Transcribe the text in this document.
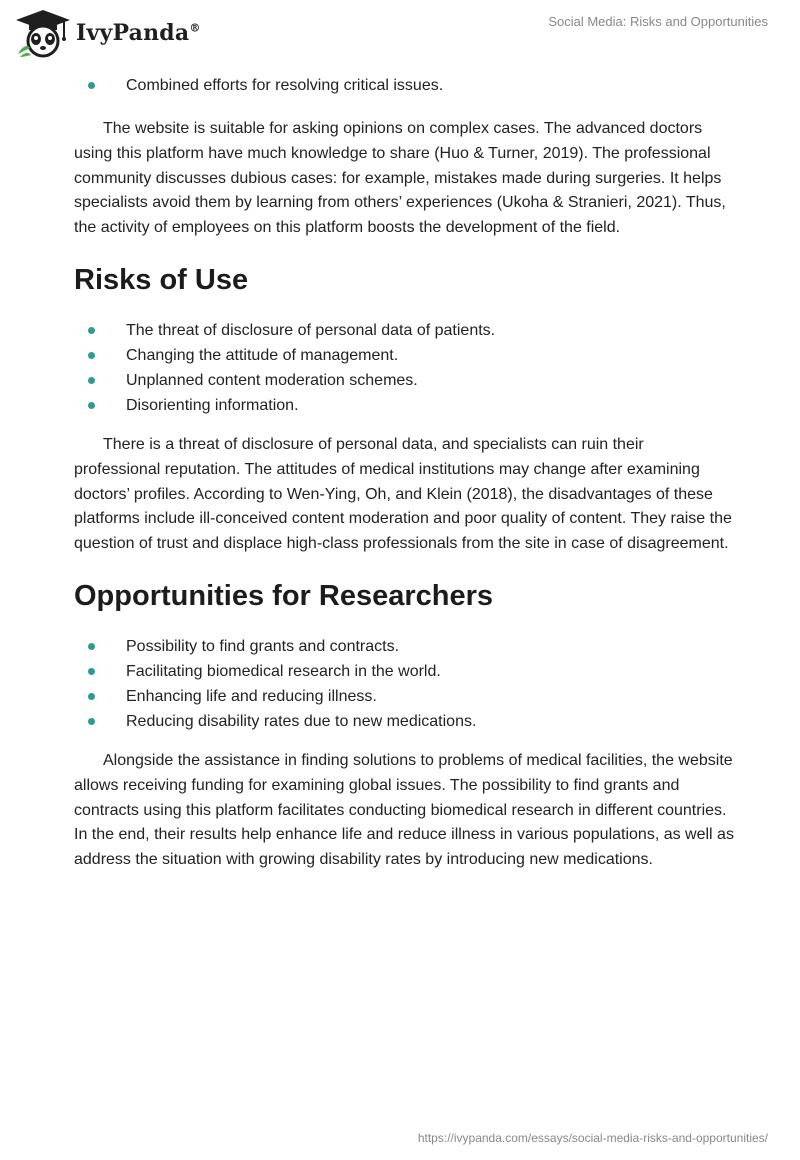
IvyPanda®	Social Media: Risks and Opportunities
Combined efforts for resolving critical issues.

The website is suitable for asking opinions on complex cases. The advanced doctors using this platform have much knowledge to share (Huo & Turner, 2019). The professional community discusses dubious cases: for example, mistakes made during surgeries. It helps specialists avoid them by learning from others’ experiences (Ukoha & Stranieri, 2021). Thus, the activity of employees on this platform boosts the development of the field.

Risks of Use
The threat of disclosure of personal data of patients.
Changing the attitude of management.
Unplanned content moderation schemes.
Disorienting information.

There is a threat of disclosure of personal data, and specialists can ruin their professional reputation. The attitudes of medical institutions may change after examining doctors’ profiles. According to Wen-Ying, Oh, and Klein (2018), the disadvantages of these platforms include ill-conceived content moderation and poor quality of content. They raise the question of trust and displace high-class professionals from the site in case of disagreement.

Opportunities for Researchers
Possibility to find grants and contracts.
Facilitating biomedical research in the world.
Enhancing life and reducing illness.
Reducing disability rates due to new medications.

Alongside the assistance in finding solutions to problems of medical facilities, the website allows receiving funding for examining global issues. The possibility to find grants and contracts using this platform facilitates conducting biomedical research in different countries. In the end, their results help enhance life and reduce illness in various populations, as well as address the situation with growing disability rates by introducing new medications.

https://ivypanda.com/essays/social-media-risks-and-opportunities/
